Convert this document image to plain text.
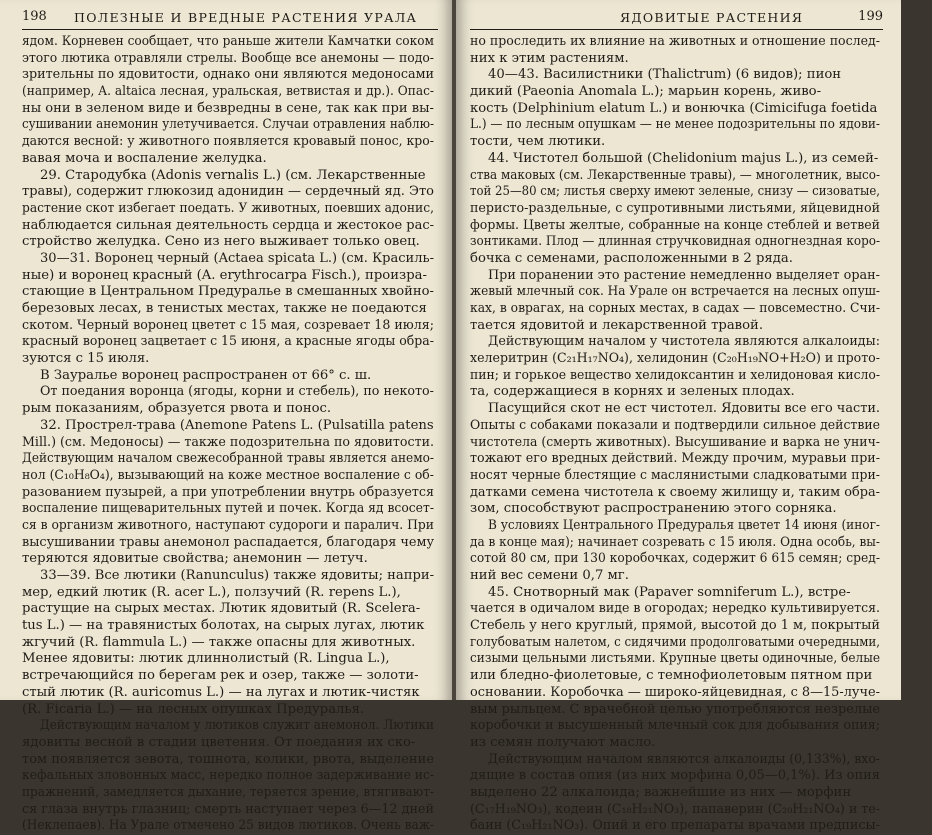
198 ПОЛЕЗНЫЕ И ВРЕДНЫЕ РАСТЕНИЯ УРАЛА
ядом. Корневен сообщает, что раньше жители Камчатки соком
этого лютика отравляли стрелы. Вообще все анемоны — подо-
зрительны по ядовитости, однако они являются медоносами
(например, A. altaica лесная, уральская, ветвистая и др.). Опас-
ны они в зеленом виде и безвредны в сене, так как при вы-
сушивании анемонин улетучивается. Случаи отравления наблю-
даются весной: у животного появляется кровавый понос, кро-
вавая моча и воспаление желудка.
29. Стародубка (Adonis vernalis L.) (см. Лекарственные
травы), содержит глюкозид адонидин — сердечный яд. Это
растение скот избегает поедать. У животных, поевших адонис,
наблюдается сильная деятельность сердца и жестокое рас-
стройство желудка. Сено из него выживает только овец.
30—31. Воронец черный (Actaea spicata L.) (см. Красиль-
ные) и воронец красный (A. erythrocarpa Fisch.), произра-
стающие в Центральном Предуралье в смешанных хвойно-
березовых лесах, в тенистых местах, также не поедаются
скотом. Черный воронец цветет с 15 мая, созревает 18 июля;
красный воронец зацветает с 15 июня, а красные ягоды обра-
зуются с 15 июля.
В Зауралье воронец распространен от 66° с. ш.
От поедания воронца (ягоды, корни и стебель), по некото-
рым показаниям, образуется рвота и понос.
32. Прострел-трава (Anemone Patens L. (Pulsatilla patens
Mill.) (см. Медоносы) — также подозрительна по ядовитости.
Действующим началом свежесобранной травы является анемо-
нол (C₁₀H₈O₄), вызывающий на коже местное воспаление с об-
разованием пузырей, а при употреблении внутрь образуется
воспаление пищеварительных путей и почек. Когда яд всосет-
ся в организм животного, наступают судороги и паралич. При
высушивании травы анемонол распадается, благодаря чему
теряются ядовитые свойства; анемонин — летуч.
33—39. Все лютики (Ranunculus) также ядовиты; напри-
мер, едкий лютик (R. acer L.), ползучий (R. repens L.),
растущие на сырых местах. Лютик ядовитый (R. Scelera-
tus L.) — на травянистых болотах, на сырых лугах, лютик
жгучий (R. flammula L.) — также опасны для животных.
Менее ядовиты: лютик длиннолистый (R. Lingua L.),
встречающийся по берегам рек и озер, также — золоти-
стый лютик (R. auricomus L.) — на лугах и лютик-чистяк
(R. Ficaria L.) — на лесных опушках Предуралья.
Действующим началом у лютиков служит анемонол. Лютики
ядовиты весной в стадии цветения. От поедания их ско-
том появляется зевота, тошнота, колики, рвота, выделение
кефальных зловонных масс, нередко полное задерживание ис-
пражнений, замедляется дыхание, теряется зрение, втягивают-
ся глаза внутрь глазниц; смерть наступает через 6—12 дней
(Неклепаев). На Урале отмечено 25 видов лютиков. Очень важ-
ЯДОВИТЫЕ РАСТЕНИЯ	199
но проследить их влияние на животных и отношение послед-
них к этим растениям.
40—43. Василистники (Thalictrum) (6 видов); пион
дикий (Paeonia Anomala L.); марьин корень, живо-
кость (Delphinium elatum L.) и вонючка (Cimicifuga foetida
L.) — по лесным опушкам — не менее подозрительны по ядови-
тости, чем лютики.
44. Чистотел большой (Chelidonium majus L.), из семей-
ства маковых (см. Лекарственные травы), — многолетник, высо-
той 25—80 см; листья сверху имеют зеленые, снизу — сизоватые,
перисто-раздельные, с супротивными листьями, яйцевидной
формы. Цветы желтые, собранные на конце стеблей и ветвей
зонтиками. Плод — длинная стручковидная одногнездная коро-
бочка с семенами, расположенными в 2 ряда.
При поранении это растение немедленно выделяет оран-
жевый млечный сок. На Урале он встречается на лесных опуш-
ках, в оврагах, на сорных местах, в садах — повсеместно. Счи-
тается ядовитой и лекарственной травой.
Действующим началом у чистотела являются алкалоиды:
хелеритрин (C₂₁H₁₇NO₄), хелидонин (C₂₀H₁₉NO+H₂O) и прото-
пин; и горькое вещество хелидоксантин и хелидоновая кисло-
та, содержащиеся в корнях и зеленых плодах.
Пасущийся скот не ест чистотел. Ядовиты все его части.
Опыты с собаками показали и подтвердили сильное действие
чистотела (смерть животных). Высушивание и варка не унич-
тожают его вредных действий. Между прочим, муравьи при-
носят черные блестящие с маслянистыми сладковатыми при-
датками семена чистотела к своему жилищу и, таким обра-
зом, способствуют распространению этого сорняка.
В условиях Центрального Предуралья цветет 14 июня (иног-
да в конце мая); начинает созревать с 15 июля. Одна особь, вы-
сотой 80 см, при 130 коробочках, содержит 6 615 семян; сред-
ний вес семени 0,7 мг.
45. Снотворный мак (Papaver somniferum L.), встре-
чается в одичалом виде в огородах; нередко культивируется.
Стебель у него круглый, прямой, высотой до 1 м, покрытый
голубоватым налетом, с сидячими продолговатыми очередными,
сизыми цельными листьями. Крупные цветы одиночные, белые
или бледно-фиолетовые, с темнофиолетовым пятном при
основании. Коробочка — широко-яйцевидная, с 8—15-луче-
вым рыльцем. С врачебной целью употребляются незрелые
коробочки и высушенный млечный сок для добывания опия;
из семян получают масло.
Действующим началом являются алкалоиды (0,133%), вхо-
дящие в состав опия (из них морфина 0,05—0,1%). Из опия
выделено 22 алкалоида; важнейшие из них — морфин
(C₁₇H₁₉NO₃), кодеин (C₁₈H₂₁NO₃), папаверин (C₂₀H₂₁NO₄) и те-
баин (C₁₉H₂₁NO₃). Опий и его препараты врачами предписы-
